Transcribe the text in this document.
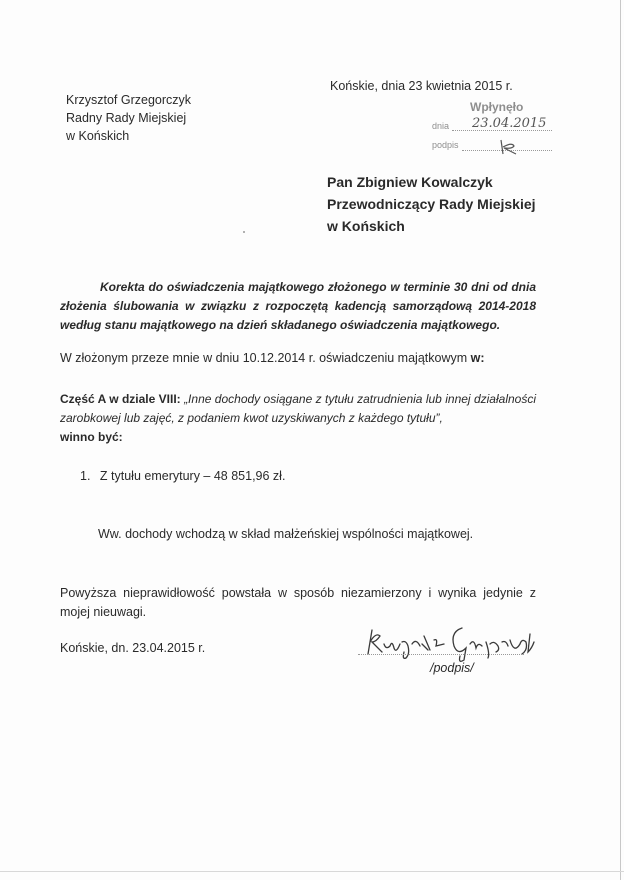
Końskie, dnia 23 kwietnia 2015 r.
Krzysztof Grzegorczyk
Radny Rady Miejskiej
w Końskich
Wpłynęło
dnia 23.04.2015
podpis
Pan Zbigniew Kowalczyk
Przewodniczący Rady Miejskiej
w Końskich
Korekta do oświadczenia majątkowego złożonego w terminie 30 dni od dnia złożenia ślubowania w związku z rozpoczętą kadencją samorządową 2014-2018 według stanu majątkowego na dzień składanego oświadczenia majątkowego.
W złożonym przeze mnie w dniu 10.12.2014 r. oświadczeniu majątkowym w:
Część A w dziale VIII: „Inne dochody osiągane z tytułu zatrudnienia lub innej działalności zarobkowej lub zajęć, z podaniem kwot uzyskiwanych z każdego tytułu”,
winno być:
1. Z tytułu emerytury – 48 851,96 zł.
Ww. dochody wchodzą w skład małżeńskiej wspólności majątkowej.
Powyższa nieprawidłowość powstała w sposób niezamierzony i wynika jedynie z mojej nieuwagi.
Końskie, dn. 23.04.2015 r.
/podpis/
